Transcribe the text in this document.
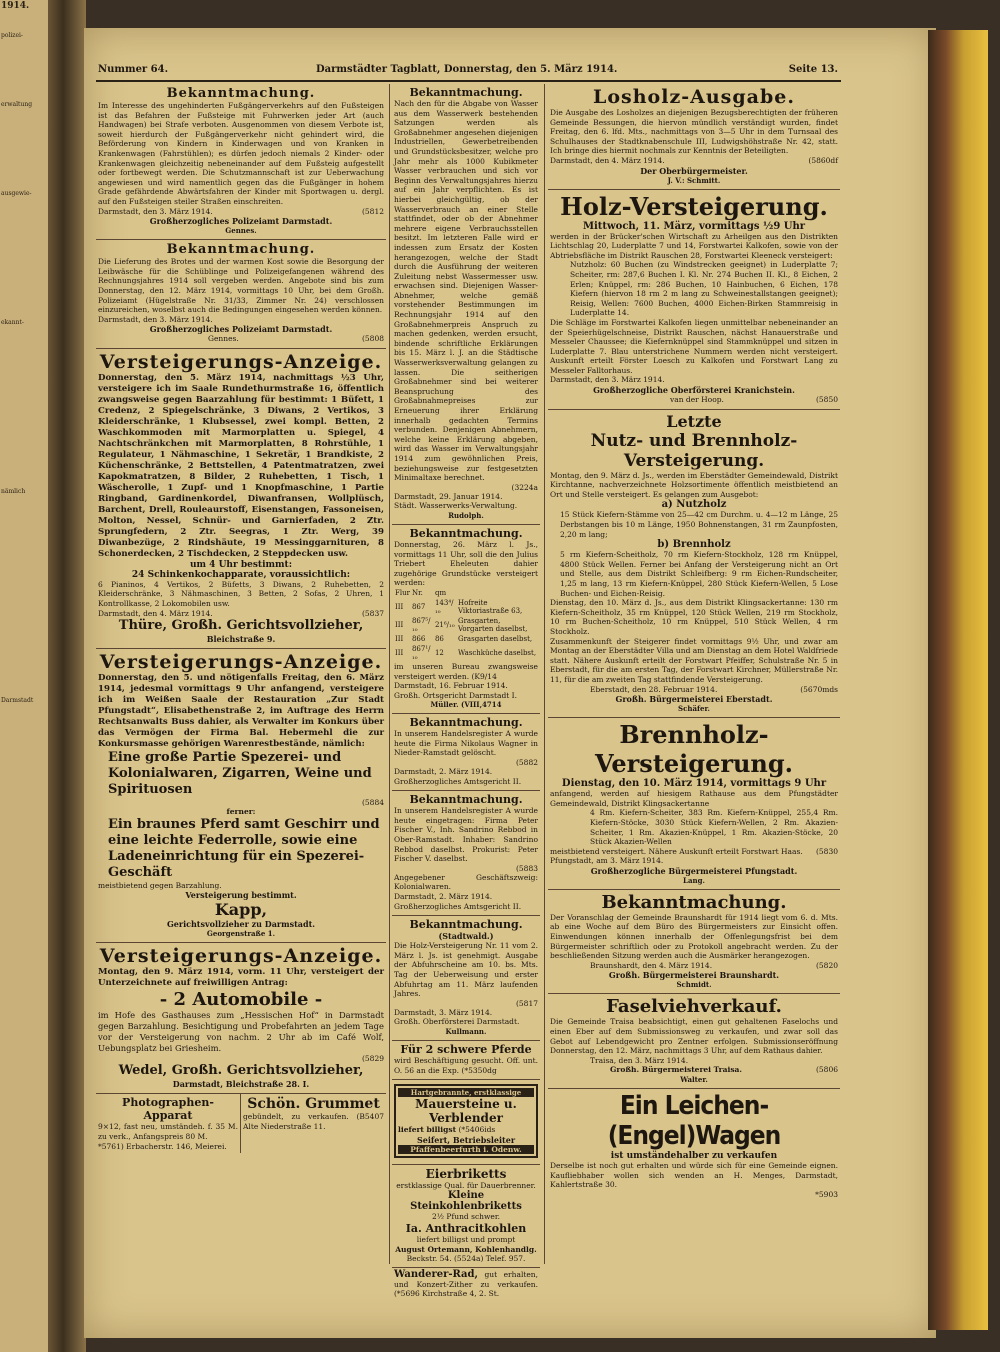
1914.
polizei-
erwaltung
ausgewie-
ekannt-
nämlich
Darmstadt
Nummer 64.	Darmstädter Tagblatt, Donnerstag, den 5. März 1914.	Seite 13.
Bekanntmachung.
Im Interesse des ungehinderten Fußgängerverkehrs auf den Fußsteigen ist das Befahren der Fußsteige mit Fuhrwerken jeder Art (auch Handwagen) bei Strafe verboten. Ausgenommen von diesem Verbote ist, soweit hierdurch der Fußgängerverkehr nicht gehindert wird, die Beförderung von Kindern in Kinderwagen und von Kranken in Krankenwagen (Fahrstühlen); es dürfen jedoch niemals 2 Kinder- oder Krankenwagen gleichzeitig nebeneinander auf dem Fußsteig aufgestellt oder fortbewegt werden. Die Schutzmannschaft ist zur Ueberwachung angewiesen und wird namentlich gegen das die Fußgänger in hohem Grade gefährdende Abwärtsfahren der Kinder mit Sportwagen u. dergl. auf den Fußsteigen steiler Straßen einschreiten.
Darmstadt, den 3. März 1914.	(5812
Großherzogliches Polizeiamt Darmstadt.
Gennes.
Bekanntmachung.
Die Lieferung des Brotes und der warmen Kost sowie die Besorgung der Leibwäsche für die Schüblinge und Polizeigefangenen während des Rechnungsjahres 1914 soll vergeben werden. Angebote sind bis zum Donnerstag, den 12. März 1914, vormittags 10 Uhr, bei dem Großh. Polizeiamt (Hügelstraße Nr. 31/33, Zimmer Nr. 24) verschlossen einzureichen, woselbst auch die Bedingungen eingesehen werden können.
Darmstadt, den 3. März 1914.
Großherzogliches Polizeiamt Darmstadt.
Gennes.	(5808
Versteigerungs-Anzeige.
Donnerstag, den 5. März 1914, nachmittags ½3 Uhr, versteigere ich im Saale Rundethurmstraße 16, öffentlich zwangsweise gegen Baarzahlung für bestimmt: 1 Büfett, 1 Credenz, 2 Spiegelschränke, 3 Diwans, 2 Vertikos, 3 Kleiderschränke, 1 Klubsessel, zwei kompl. Betten, 2 Waschkommoden mit Marmorplatten u. Spiegel, 4 Nachtschränkchen mit Marmorplatten, 8 Rohrstühle, 1 Regulateur, 1 Nähmaschine, 1 Sekretär, 1 Brandkiste, 2 Küchenschränke, 2 Bettstellen, 4 Patentmatratzen, zwei Kapokmatratzen, 8 Bilder, 2 Ruhebetten, 1 Tisch, 1 Wäscherolle, 1 Zupf- und 1 Knopfmaschine, 1 Partie Ringband, Gardinenkordel, Diwanfransen, Wollplüsch, Barchent, Drell, Rouleaurstoff, Eisenstangen, Fassoneisen, Molton, Nessel, Schnür- und Garnierfaden, 2 Ztr. Sprungfedern, 2 Ztr. Seegras, 1 Ztr. Werg, 39 Diwanbezüge, 2 Rindshäute, 19 Messinggarnituren, 8 Schonerdecken, 2 Tischdecken, 2 Steppdecken usw.
um 4 Uhr bestimmt:
24 Schinkenkochapparate, voraussichtlich:
6 Pianinos, 4 Vertikos, 2 Büfetts, 3 Diwans, 2 Ruhebetten, 2 Kleiderschränke, 3 Nähmaschinen, 3 Betten, 2 Sofas, 2 Uhren, 1 Kontrollkasse, 2 Lokomobilen usw.
Darmstadt, den 4. März 1914.	(5837
Thüre, Großh. Gerichtsvollzieher,
Bleichstraße 9.
Versteigerungs-Anzeige.
Donnerstag, den 5. und nötigenfalls Freitag, den 6. März 1914, jedesmal vormittags 9 Uhr anfangend, versteigere ich im Weißen Saale der Restauration „Zur Stadt Pfungstadt“, Elisabethenstraße 2, im Auftrage des Herrn Rechtsanwalts Buss dahier, als Verwalter im Konkurs über das Vermögen der Firma Bal. Hebermehl die zur Konkursmasse gehörigen Warenrestbestände, nämlich:
Eine große Partie Spezerei- und Kolonialwaren, Zigarren, Weine und Spirituosen
(5884
ferner:
Ein braunes Pferd samt Geschirr und eine leichte Federrolle, sowie eine Ladeneinrichtung für ein Spezerei-Geschäft
meistbietend gegen Barzahlung.
Versteigerung bestimmt.
Kapp,
Gerichtsvollzieher zu Darmstadt.
Georgenstraße 1.
Versteigerungs-Anzeige.
Montag, den 9. März 1914, vorm. 11 Uhr, versteigert der Unterzeichnete auf freiwilligen Antrag:
- 2 Automobile -
im Hofe des Gasthauses zum „Hessischen Hof“ in Darmstadt gegen Barzahlung. Besichtigung und Probefahrten an jedem Tage vor der Versteigerung von nachm. 2 Uhr ab im Café Wolf, Uebungsplatz bei Griesheim.
(5829
Wedel, Großh. Gerichtsvollzieher,
Darmstadt, Bleichstraße 28. I.
Photographen-Apparat
9×12, fast neu, umständeh. f. 35 M. zu verk., Anfangspreis 80 M.
*5761) Erbacherstr. 146, Meierei.
Schön. Grummet
gebündelt, zu verkaufen. (B5407 Alte Niederstraße 11.
Bekanntmachung.
Nach den für die Abgabe von Wasser aus dem Wasserwerk bestehenden Satzungen werden als Großabnehmer angesehen diejenigen Industriellen, Gewerbetreibenden und Grundstücksbesitzer, welche pro Jahr mehr als 1000 Kubikmeter Wasser verbrauchen und sich vor Beginn des Verwaltungsjahres hierzu auf ein Jahr verpflichten. Es ist hierbei gleichgültig, ob der Wasserverbrauch an einer Stelle stattfindet, oder ob der Abnehmer mehrere eigene Verbrauchsstellen besitzt. Im letzteren Falle wird er indessen zum Ersatz der Kosten herangezogen, welche der Stadt durch die Ausführung der weiteren Zuleitung nebst Wassermesser usw. erwachsen sind. Diejenigen Wasser-Abnehmer, welche gemäß vorstehender Bestimmungen im Rechnungsjahr 1914 auf den Großabnehmerpreis Anspruch zu machen gedenken, werden ersucht, bindende schriftliche Erklärungen bis 15. März l. J. an die Städtische Wasserwerksverwaltung gelangen zu lassen. Die seitherigen Großabnehmer sind bei weiterer Beanspruchung des Großabnahmepreises zur Erneuerung ihrer Erklärung innerhalb gedachten Termins verbunden. Denjenigen Abnehmern, welche keine Erklärung abgeben, wird das Wasser im Verwaltungsjahr 1914 zum gewöhnlichen Preis, beziehungsweise zur festgesetzten Minimaltaxe berechnet.
(3224a
Darmstadt, 29. Januar 1914.
Städt. Wasserwerks-Verwaltung.
Rudolph.
Bekanntmachung.
Donnerstag, 26. März l. Js., vormittags 11 Uhr, soll die den Julius Triebert Eheleuten dahier zugehörige Grundstücke versteigert werden:
Flur	Nr.	qm	
III	867	143⁴/₁₀	Hofreite Viktoriastraße 63,
III	867⁵/₁₀	21⁶/₁₀	Grasgarten, Vorgarten daselbst,
III	866	86	Grasgarten daselbst,
III	867¹/₁₀	12	Waschküche daselbst,
im unseren Bureau zwangsweise versteigert werden. (K9/14
Darmstadt, 16. Februar 1914.
Großh. Ortsgericht Darmstadt I.
Müller. (VIII,4714
Bekanntmachung.
In unserem Handelsregister A wurde heute die Firma Nikolaus Wagner in Nieder-Ramstadt gelöscht.
(5882
Darmstadt, 2. März 1914.
Großherzogliches Amtsgericht II.
Bekanntmachung.
In unserem Handelsregister A wurde heute eingetragen: Firma Peter Fischer V., Inh. Sandrino Rebbod in Ober-Ramstadt. Inhaber: Sandrino Rebbod daselbst. Prokurist: Peter Fischer V. daselbst.
(5883
Angegebener Geschäftszweig: Kolonialwaren.
Darmstadt, 2. März 1914.
Großherzogliches Amtsgericht II.
Bekanntmachung.
(Stadtwald.)
Die Holz-Versteigerung Nr. 11 vom 2. März l. Js. ist genehmigt. Ausgabe der Abfuhrscheine am 10. bs. Mts. Tag der Ueberweisung und erster Abfuhrtag am 11. März laufenden Jahres.
(5817
Darmstadt, 3. März 1914.
Großh. Oberförsterei Darmstadt.
Kullmann.
Für 2 schwere Pferde
wird Beschäftigung gesucht. Off. unt. O. 56 an die Exp. (*5350dg
Hartgebrannte, erstklassige
Mauersteine u. Verblender
liefert billigst (*5406ids
Seifert, Betriebsleiter
Pfaffenbeerfurth i. Odenw.
Eierbriketts
erstklassige Qual. für Dauerbrenner.
Kleine Steinkohlenbriketts
2½ Pfund schwer.
Ia. Anthracitkohlen
liefert billigst und prompt
August Ortemann, Kohlenhandlg.
Beckstr. 54. (5524a) Telef. 957.
Wanderer-Rad, gut erhalten, und Konzert-Zither zu verkaufen. (*5696 Kirchstraße 4, 2. St.
Losholz-Ausgabe.
Die Ausgabe des Losholzes an diejenigen Bezugsberechtigten der früheren Gemeinde Bessungen, die hiervon mündlich verständigt wurden, findet Freitag, den 6. lfd. Mts., nachmittags von 3—5 Uhr in dem Turnsaal des Schulhauses der Stadtknabenschule III, Ludwigshöhstraße Nr. 42, statt. Ich bringe dies hiermit nochmals zur Kenntnis der Beteiligten.
Darmstadt, den 4. März 1914.	(5860df
Der Oberbürgermeister.
J. V.: Schmitt.
Holz-Versteigerung.
Mittwoch, 11. März, vormittags ½9 Uhr
werden in der Brücker'schen Wirtschaft zu Arheilgen aus den Distrikten Lichtschlag 20, Luderplatte 7 und 14, Forstwartei Kalkofen, sowie von der Abtriebsfläche im Distrikt Rauschen 28, Forstwartei Kleeneck versteigert:
Nutzholz: 60 Buchen (zu Windstrecken geeignet) in Luderplatte 7; Scheiter, rm: 287,6 Buchen I. Kl. Nr. 274 Buchen II. Kl., 8 Eichen, 2 Erlen; Knüppel, rm: 286 Buchen, 10 Hainbuchen, 6 Eichen, 178 Kiefern (hiervon 18 rm 2 m lang zu Schweinestallstangen geeignet); Reisig, Wellen: 7600 Buchen, 4000 Eichen-Birken Stammreisig in Luderplatte 14.
Die Schläge im Forstwartei Kalkofen liegen unmittelbar nebeneinander an der Speierhügelschneise, Distrikt Rauschen, nächst Hanauerstraße und Messeler Chaussee; die Kiefernknüppel sind Stammknüppel und sitzen in Luderplatte 7. Blau unterstrichene Nummern werden nicht versteigert. Auskunft erteilt Förster Loesch zu Kalkofen und Forstwart Lang zu Messeler Falltorhaus.
Darmstadt, den 3. März 1914.
Großherzogliche Oberförsterei Kranichstein.
van der Hoop.	(5850
Letzte
Nutz- und Brennholz-Versteigerung.
Montag, den 9. März d. Js., werden im Eberstädter Gemeindewald, Distrikt Kirchtanne, nachverzeichnete Holzsortimente öffentlich meistbietend an Ort und Stelle versteigert. Es gelangen zum Ausgebot:
a) Nutzholz
15 Stück Kiefern-Stämme von 25—42 cm Durchm. u. 4—12 m Länge, 25 Derbstangen bis 10 m Länge, 1950 Bohnenstangen, 31 rm Zaunpfosten, 2,20 m lang;
b) Brennholz
5 rm Kiefern-Scheitholz, 70 rm Kiefern-Stockholz, 128 rm Knüppel, 4800 Stück Wellen. Ferner bei Anfang der Versteigerung nicht an Ort und Stelle, aus dem Distrikt Schleifberg: 9 rm Eichen-Rundscheiter, 1,25 m lang, 13 rm Kiefern-Knüppel, 280 Stück Kiefern-Wellen, 5 Lose Buchen- und Eichen-Reisig.
Dienstag, den 10. März d. Js., aus dem Distrikt Klingsackertanne: 130 rm Kiefern-Scheitholz, 35 rm Knüppel, 120 Stück Wellen, 219 rm Stockholz, 10 rm Buchen-Scheitholz, 10 rm Knüppel, 510 Stück Wellen, 4 rm Stockholz.
Zusammenkunft der Steigerer findet vormittags 9½ Uhr, und zwar am Montag an der Eberstädter Villa und am Dienstag an dem Hotel Waldfriede statt. Nähere Auskunft erteilt der Forstwart Pfeiffer, Schulstraße Nr. 5 in Eberstadt, für die am ersten Tag, der Forstwart Kirchner, Müllerstraße Nr. 11, für die am zweiten Tag stattfindende Versteigerung.
Eberstadt, den 28. Februar 1914.	(5670mds
Großh. Bürgermeisterei Eberstadt.
Schäfer.
Brennholz-Versteigerung.
Dienstag, den 10. März 1914, vormittags 9 Uhr
anfangend, werden auf hiesigem Rathause aus dem Pfungstädter Gemeindewald, Distrikt Klingsackertanne
4 Rm. Kiefern-Scheiter, 383 Rm. Kiefern-Knüppel, 255,4 Rm. Kiefern-Stöcke, 3030 Stück Kiefern-Wellen, 2 Rm. Akazien-Scheiter, 1 Rm. Akazien-Knüppel, 1 Rm. Akazien-Stöcke, 20 Stück Akazien-Wellen
meistbietend versteigert. Nähere Auskunft erteilt Forstwart Haas. (5830
Pfungstadt, am 3. März 1914.
Großherzogliche Bürgermeisterei Pfungstadt.
Lang.
Bekanntmachung.
Der Voranschlag der Gemeinde Braunshardt für 1914 liegt vom 6. d. Mts. ab eine Woche auf dem Büro des Bürgermeisters zur Einsicht offen. Einwendungen können innerhalb der Offenlegungsfrist bei dem Bürgermeister schriftlich oder zu Protokoll angebracht werden. Zu der beschließenden Sitzung werden auch die Ausmärker herangezogen.
Braunshardt, den 4. März 1914.	(5820
Großh. Bürgermeisterei Braunshardt.
Schmidt.
Faselviehverkauf.
Die Gemeinde Traisa beabsichtigt, einen gut gehaltenen Faselochs und einen Eber auf dem Submissionsweg zu verkaufen, und zwar soll das Gebot auf Lebendgewicht pro Zentner erfolgen. Submissionseröffnung Donnerstag, den 12. März, nachmittags 3 Uhr, auf dem Rathaus dahier.
Traisa, den 3. März 1914.
Großh. Bürgermeisterei Traisa.	(5806
Walter.
Ein Leichen-(Engel)Wagen
ist umständehalber zu verkaufen
Derselbe ist noch gut erhalten und würde sich für eine Gemeinde eignen. Kaufliebhaber wollen sich wenden an H. Menges, Darmstadt, Kahlertstraße 30.
*5903
